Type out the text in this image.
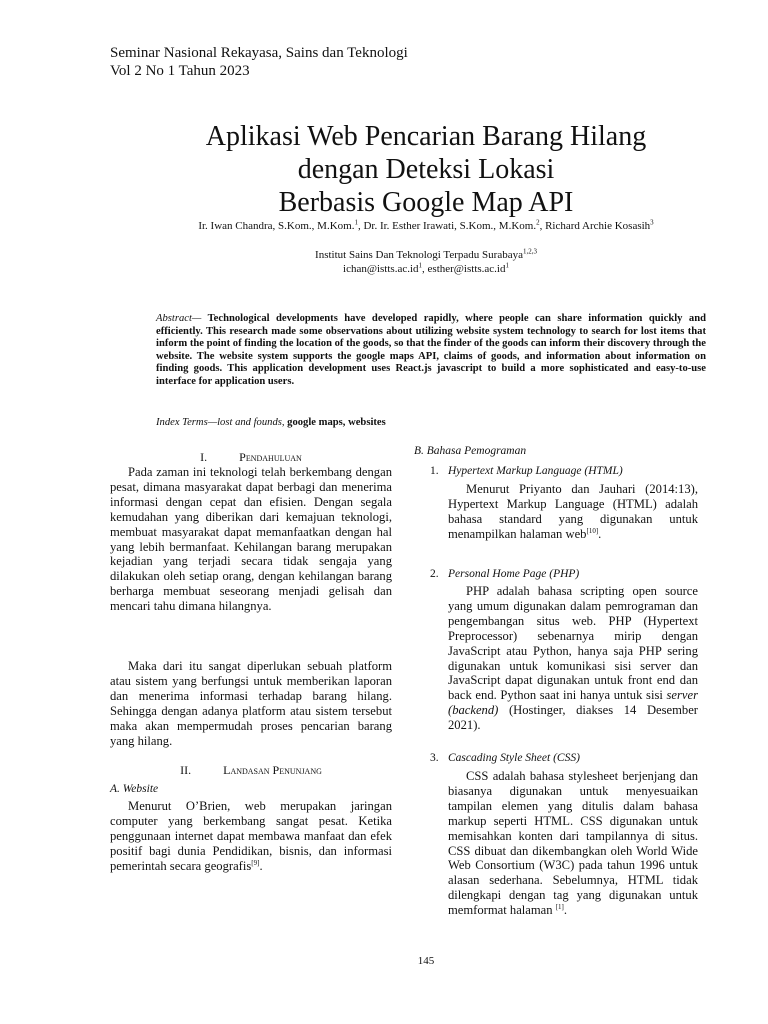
Seminar Nasional Rekayasa, Sains dan Teknologi
Vol 2 No 1 Tahun 2023
Aplikasi Web Pencarian Barang Hilang
dengan Deteksi Lokasi
Berbasis Google Map API
Ir. Iwan Chandra, S.Kom., M.Kom.$^1$, Dr. Ir. Esther Irawati, S.Kom., M.Kom.$^2$, Richard Archie Kosasih$^3$
Institut Sains Dan Teknologi Terpadu Surabaya$^{1,2,3}$
$ichan@istts.ac.id^1$, $esther@istts.ac.id^1$
Abstract— Technological developments have developed rapidly, where people can share information quickly and efficiently. This research made some observations about utilizing website system technology to search for lost items that inform the point of finding the location of the goods, so that the finder of the goods can inform their discovery through the website. The website system supports the google maps API, claims of goods, and information about information on finding goods. This application development uses React.js javascript to build a more sophisticated and easy-to-use interface for application users.
Index Terms—lost and founds, google maps, websites
I.	Pendahuluan

Pada zaman ini teknologi telah berkembang dengan pesat, dimana masyarakat dapat berbagi dan menerima informasi dengan cepat dan efisien. Dengan segala kemudahan yang diberikan dari kemajuan teknologi, membuat masyarakat dapat memanfaatkan dengan hal yang lebih bermanfaat. Kehilangan barang merupakan kejadian yang terjadi secara tidak sengaja yang dilakukan oleh setiap orang, dengan kehilangan barang berharga membuat seseorang menjadi gelisah dan mencari tahu dimana hilangnya.

Maka dari itu sangat diperlukan sebuah platform atau sistem yang berfungsi untuk memberikan laporan dan menerima informasi terhadap barang hilang. Sehingga dengan adanya platform atau sistem tersebut maka akan mempermudah proses pencarian barang yang hilang.

II.	Landasan Penunjang
A. Website

Menurut O’Brien, web merupakan jaringan computer yang berkembang sangat pesat. Ketika penggunaan internet dapat membawa manfaat dan efek positif bagi dunia Pendidikan, bisnis, dan informasi pemerintah secara geografis[9].

B. Bahasa Pemograman
1. Hypertext Markup Language (HTML)

Menurut Priyanto dan Jauhari (2014:13), Hypertext Markup Language (HTML) adalah bahasa standard yang digunakan untuk menampilkan halaman web[10].

2. Personal Home Page (PHP)

PHP adalah bahasa scripting open source yang umum digunakan dalam pemrograman dan pengembangan situs web. PHP (Hypertext Preprocessor) sebenarnya mirip dengan JavaScript atau Python, hanya saja PHP sering digunakan untuk komunikasi sisi server dan JavaScript dapat digunakan untuk front end dan back end. Python saat ini hanya untuk sisi server (backend) (Hostinger, diakses 14 Desember 2021).

3. Cascading Style Sheet (CSS)

CSS adalah bahasa stylesheet berjenjang dan biasanya digunakan untuk menyesuaikan tampilan elemen yang ditulis dalam bahasa markup seperti HTML. CSS digunakan untuk memisahkan konten dari tampilannya di situs. CSS dibuat dan dikembangkan oleh World Wide Web Consortium (W3C) pada tahun 1996 untuk alasan sederhana. Sebelumnya, HTML tidak dilengkapi dengan tag yang digunakan untuk memformat halaman [1].

145
